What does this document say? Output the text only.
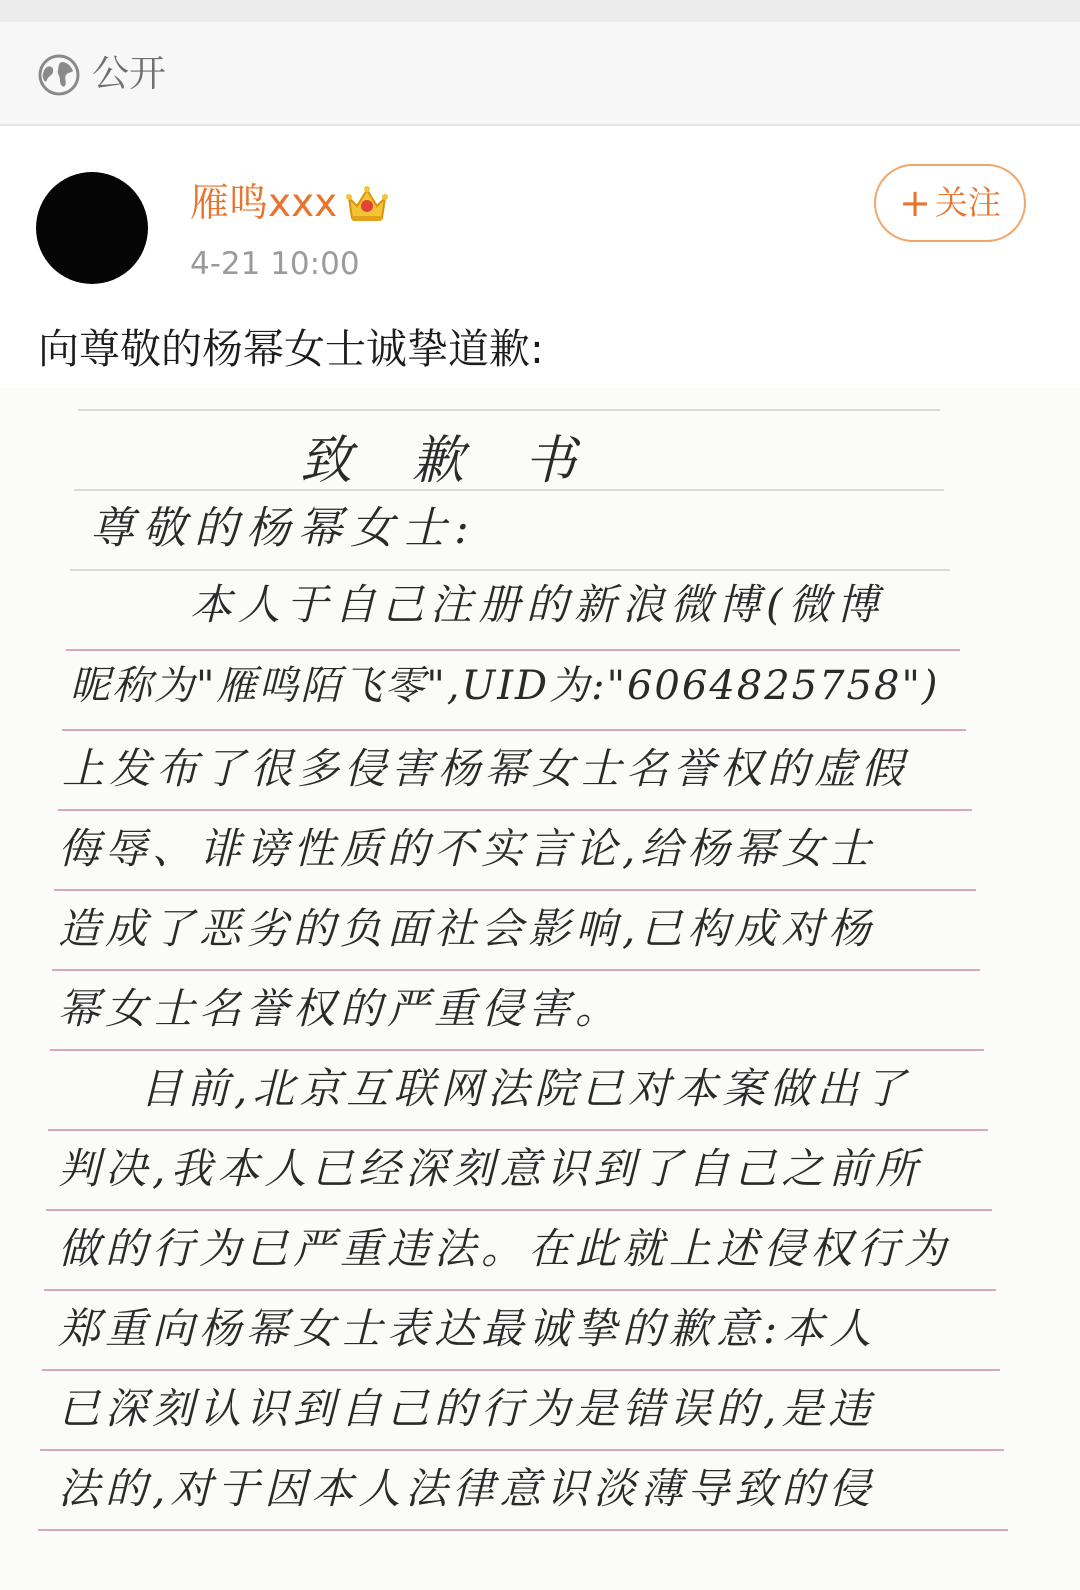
公开
雁鸣xxx
4-21 10:00
+ 关注
向尊敬的杨幂女士诚挚道歉:
致歉书
尊敬的杨幂女士:
本人于自己注册的新浪微博(微博
昵称为"雁鸣陌飞零",UID为:"6064825758")
上发布了很多侵害杨幂女士名誉权的虚假
侮辱、诽谤性质的不实言论,给杨幂女士
造成了恶劣的负面社会影响,已构成对杨
幂女士名誉权的严重侵害。
目前,北京互联网法院已对本案做出了
判决,我本人已经深刻意识到了自己之前所
做的行为已严重违法。在此就上述侵权行为
郑重向杨幂女士表达最诚挚的歉意:本人
已深刻认识到自己的行为是错误的,是违
法的,对于因本人法律意识淡薄导致的侵
